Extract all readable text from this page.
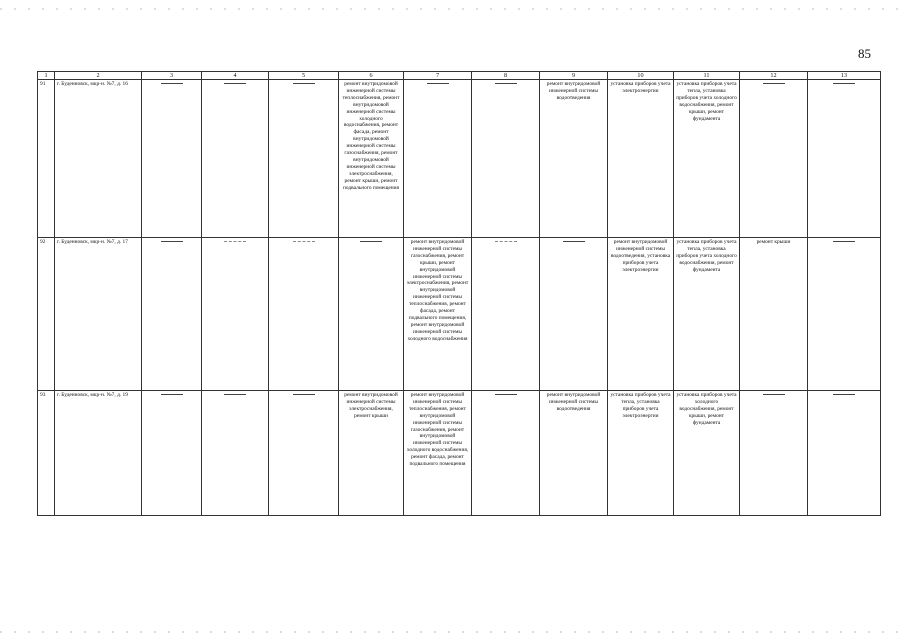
85
1	2	3	4	5	6	7	8	9	10	11	12	13
91	г. Буденновск, мкр-н. №7, д. 16				ремонт внутридомовой инженерной системы теплоснабжения, ремонт внутридомовой инженерной системы холодного водоснабжения, ремонт фасада, ремонт внутридомовой инженерной системы газоснабжения, ремонт внутридомовой инженерной системы электроснабжения, ремонт крыши, ремонт подвального помещения			ремонт внутридомовой инженерной системы водоотведения	установка приборов учета электроэнергии	установка приборов учета тепла, установка приборов учета холодного водоснабжения, ремонт крыши, ремонт фундамента	

92	г. Буденновск, мкр-н. №7, д. 17					ремонт внутридомовой инженерной системы газоснабжения, ремонт крыши, ремонт внутридомовой инженерной системы электроснабжения, ремонт внутридомовой инженерной системы теплоснабжения, ремонт фасада, ремонт подвального помещения, ремонт внутридомовой инженерной системы холодного водоснабжения			ремонт внутридомовой инженерной системы водоотведения, установка приборов учета электроэнергии	установка приборов учета тепла, установка приборов учета холодного водоснабжения, ремонт фундамента	ремонт крыши	

93	г. Буденновск, мкр-н. №7, д. 19				ремонт внутридомовой инженерной системы электроснабжения, ремонт крыши	ремонт внутридомовой инженерной системы теплоснабжения, ремонт внутридомовой инженерной системы газоснабжения, ремонт внутридомовой инженерной системы холодного водоснабжения, ремонт фасада, ремонт подвального помещения		ремонт внутридомовой инженерной системы водоотведения	установка приборов учета тепла, установка приборов учета электроэнергии	установка приборов учета холодного водоснабжения, ремонт крыши, ремонт фундамента	
